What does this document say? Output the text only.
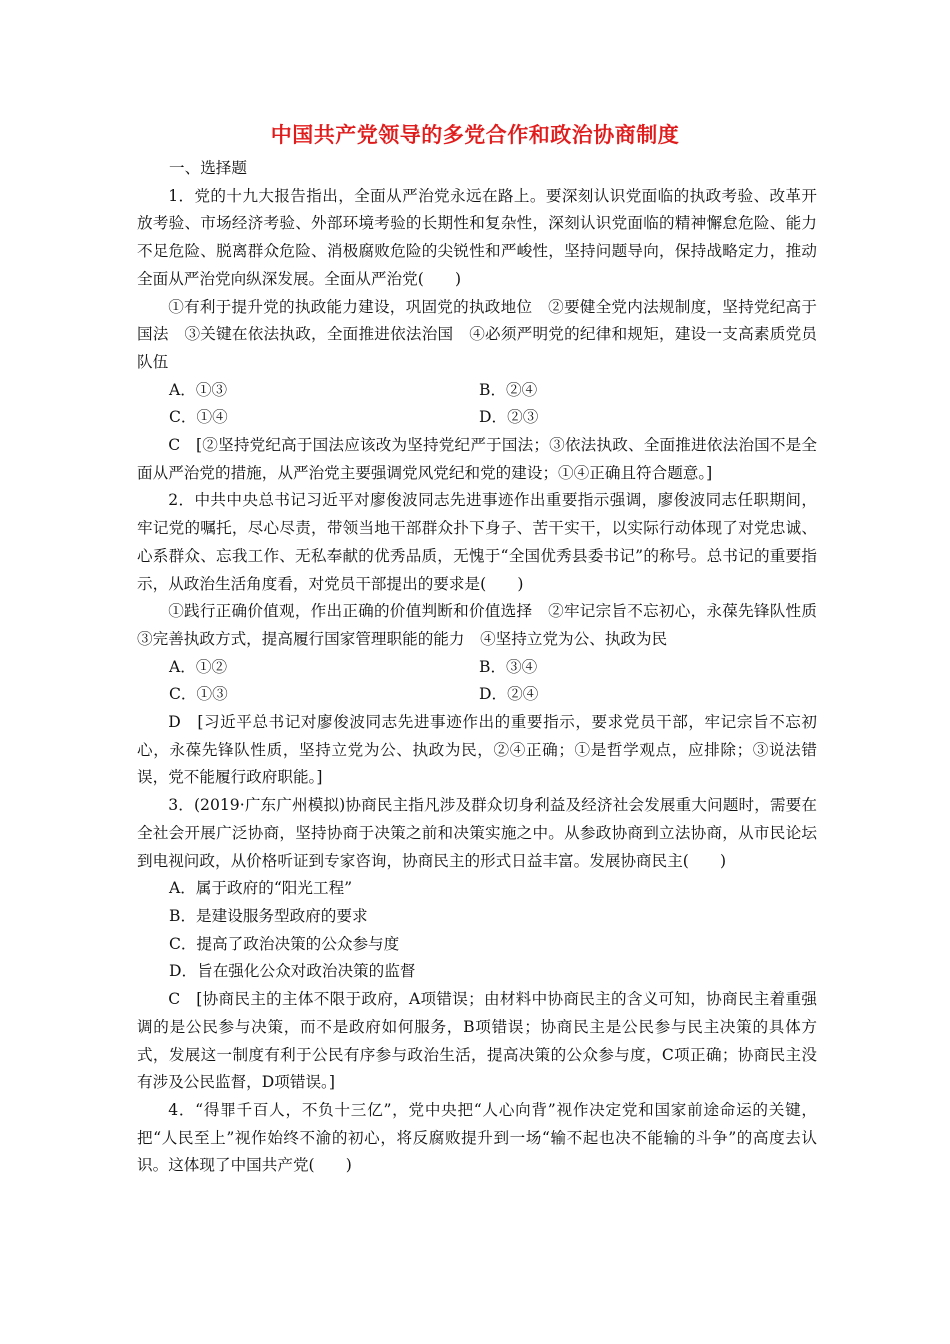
中国共产党领导的多党合作和政治协商制度

一、选择题

1．党的十九大报告指出，全面从严治党永远在路上。要深刻认识党面临的执政考验、改革开放考验、市场经济考验、外部环境考验的长期性和复杂性，深刻认识党面临的精神懈怠危险、能力不足危险、脱离群众危险、消极腐败危险的尖锐性和严峻性，坚持问题导向，保持战略定力，推动全面从严治党向纵深发展。全面从严治党(　　)

①有利于提升党的执政能力建设，巩固党的执政地位　②要健全党内法规制度，坚持党纪高于国法　③关键在依法执政，全面推进依法治国　④必须严明党的纪律和规矩，建设一支高素质党员队伍

A．①③	B．②④
C．①④	D．②③

C　[②坚持党纪高于国法应该改为坚持党纪严于国法；③依法执政、全面推进依法治国不是全面从严治党的措施，从严治党主要强调党风党纪和党的建设；①④正确且符合题意。]

2．中共中央总书记习近平对廖俊波同志先进事迹作出重要指示强调，廖俊波同志任职期间，牢记党的嘱托，尽心尽责，带领当地干部群众扑下身子、苦干实干，以实际行动体现了对党忠诚、心系群众、忘我工作、无私奉献的优秀品质，无愧于“全国优秀县委书记”的称号。总书记的重要指示，从政治生活角度看，对党员干部提出的要求是(　　)

①践行正确价值观，作出正确的价值判断和价值选择　②牢记宗旨不忘初心，永葆先锋队性质　③完善执政方式，提高履行国家管理职能的能力　④坚持立党为公、执政为民

A．①②	B．③④
C．①③	D．②④

D　[习近平总书记对廖俊波同志先进事迹作出的重要指示，要求党员干部，牢记宗旨不忘初心，永葆先锋队性质，坚持立党为公、执政为民，②④正确；①是哲学观点，应排除；③说法错误，党不能履行政府职能。]

3．(2019·广东广州模拟)协商民主指凡涉及群众切身利益及经济社会发展重大问题时，需要在全社会开展广泛协商，坚持协商于决策之前和决策实施之中。从参政协商到立法协商，从市民论坛到电视问政，从价格听证到专家咨询，协商民主的形式日益丰富。发展协商民主(　　)

A．属于政府的“阳光工程”

B．是建设服务型政府的要求

C．提高了政治决策的公众参与度

D．旨在强化公众对政治决策的监督

C　[协商民主的主体不限于政府，A项错误；由材料中协商民主的含义可知，协商民主着重强调的是公民参与决策，而不是政府如何服务，B项错误；协商民主是公民参与民主决策的具体方式，发展这一制度有利于公民有序参与政治生活，提高决策的公众参与度，C项正确；协商民主没有涉及公民监督，D项错误。]

4．“得罪千百人，不负十三亿”，党中央把“人心向背”视作决定党和国家前途命运的关键，把“人民至上”视作始终不渝的初心，将反腐败提升到一场“输不起也决不能输的斗争”的高度去认识。这体现了中国共产党(　　)
